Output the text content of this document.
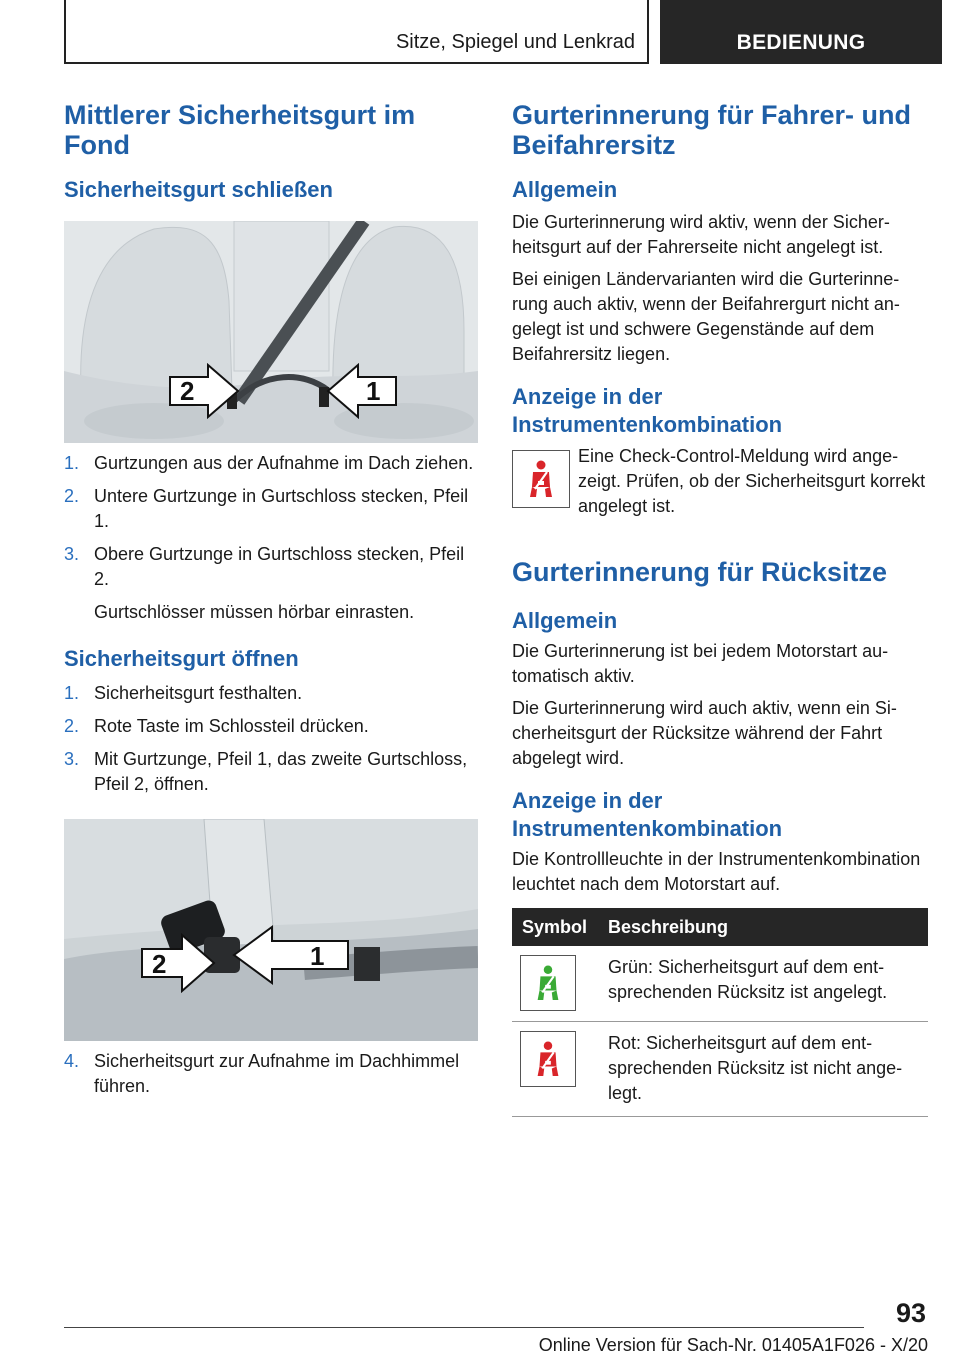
Sitze, Spiegel und Lenkrad	BEDIENUNG
Mittlerer Sicherheitsgurt im Fond
Sicherheitsgurt schließen
2	1
1. Gurtzungen aus der Aufnahme im Dach ziehen.
2. Untere Gurtzunge in Gurtschloss stecken, Pfeil 1.
3. Obere Gurtzunge in Gurtschloss stecken, Pfeil 2.
Gurtschlösser müssen hörbar einrasten.
Sicherheitsgurt öffnen
1. Sicherheitsgurt festhalten.
2. Rote Taste im Schlossteil drücken.
3. Mit Gurtzunge, Pfeil 1, das zweite Gurtschloss, Pfeil 2, öffnen.
2	1
4. Sicherheitsgurt zur Aufnahme im Dachhimmel führen.
Gurterinnerung für Fahrer- und Beifahrersitz
Allgemein

Die Gurterinnerung wird aktiv, wenn der Sicherheitsgurt auf der Fahrerseite nicht angelegt ist.

Bei einigen Ländervarianten wird die Gurterinnerung auch aktiv, wenn der Beifahrergurt nicht angelegt ist und schwere Gegenstände auf dem Beifahrersitz liegen.

Anzeige in der Instrumentenkombination

Eine Check-Control-Meldung wird angezeigt. Prüfen, ob der Sicherheitsgurt korrekt angelegt ist.

Gurterinnerung für Rücksitze
Allgemein

Die Gurterinnerung ist bei jedem Motorstart automatisch aktiv.

Die Gurterinnerung wird auch aktiv, wenn ein Sicherheitsgurt der Rücksitze während der Fahrt abgelegt wird.

Anzeige in der Instrumentenkombination

Die Kontrollleuchte in der Instrumentenkombination leuchtet nach dem Motorstart auf.

Symbol	Beschreibung

	Grün: Sicherheitsgurt auf dem entsprechenden Rücksitz ist angelegt.

	Rot: Sicherheitsgurt auf dem entsprechenden Rücksitz ist nicht angelegt.
93
Online Version für Sach-Nr. 01405A1F026 - X/20
